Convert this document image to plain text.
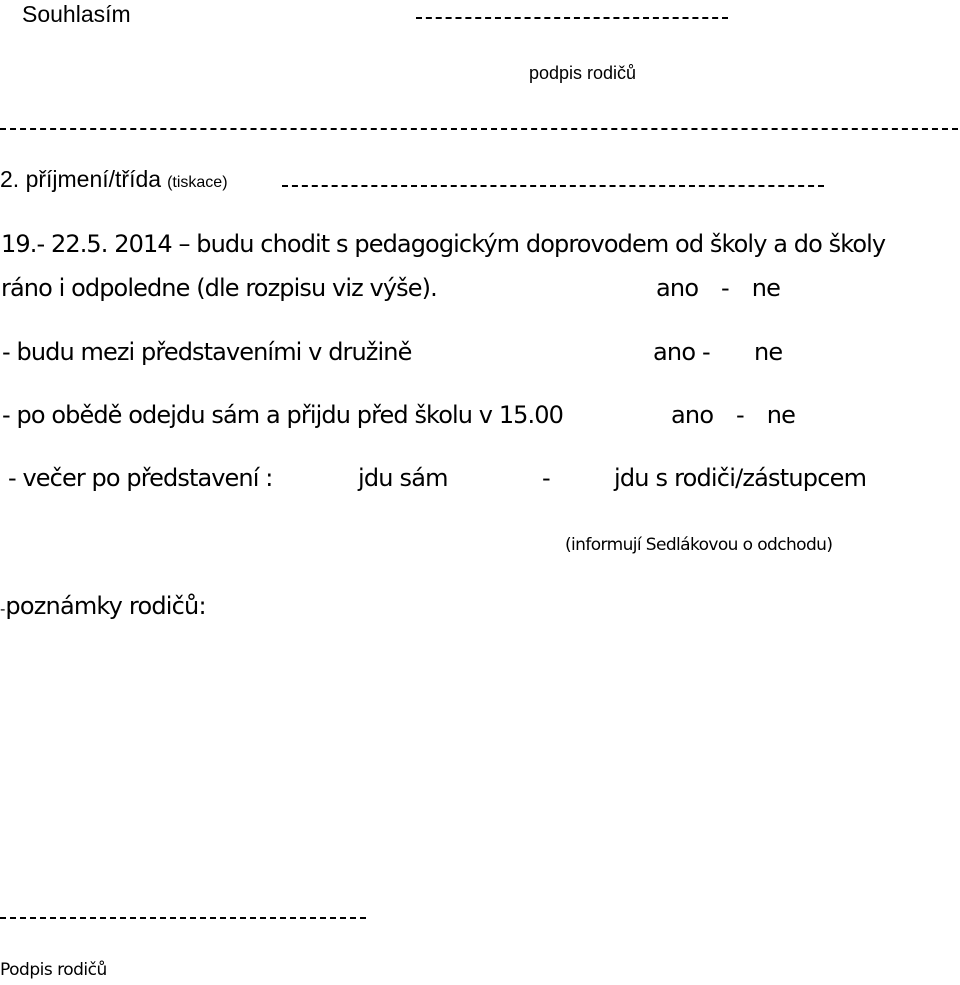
Souhlasím
podpis rodičů
2. příjmení/třída (tiskace)
19.- 22.5. 2014 – budu chodit s pedagogickým doprovodem od školy a do školy
ráno i odpoledne (dle rozpisu viz výše).	ano - ne
- budu mezi představeními v družině	ano - ne
- po obědě odejdu sám a přijdu před školu v 15.00	ano - ne
- večer po představení :	jdu sám	-	jdu s rodiči/zástupcem
(informují Sedlákovou o odchodu)
-poznámky rodičů:
Podpis rodičů
